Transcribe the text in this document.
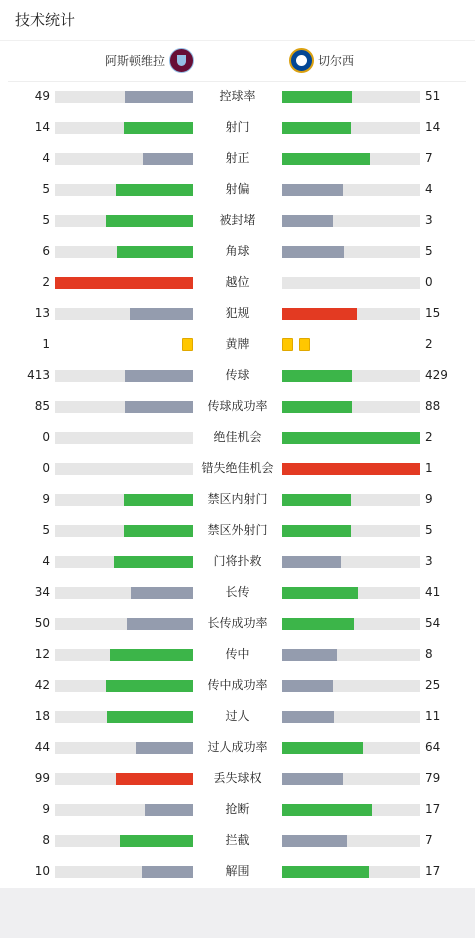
技术统计
阿斯顿维拉	切尔西
49	控球率	51
14	射门	14
4	射正	7
5	射偏	4
5	被封堵	3
6	角球	5
2	越位	0
13	犯规	15
1	黄牌	2
413	传球	429
85	传球成功率	88
0	绝佳机会	2
0	错失绝佳机会	1
9	禁区内射门	9
5	禁区外射门	5
4	门将扑救	3
34	长传	41
50	长传成功率	54
12	传中	8
42	传中成功率	25
18	过人	11
44	过人成功率	64
99	丢失球权	79
9	抢断	17
8	拦截	7
10	解围	17
